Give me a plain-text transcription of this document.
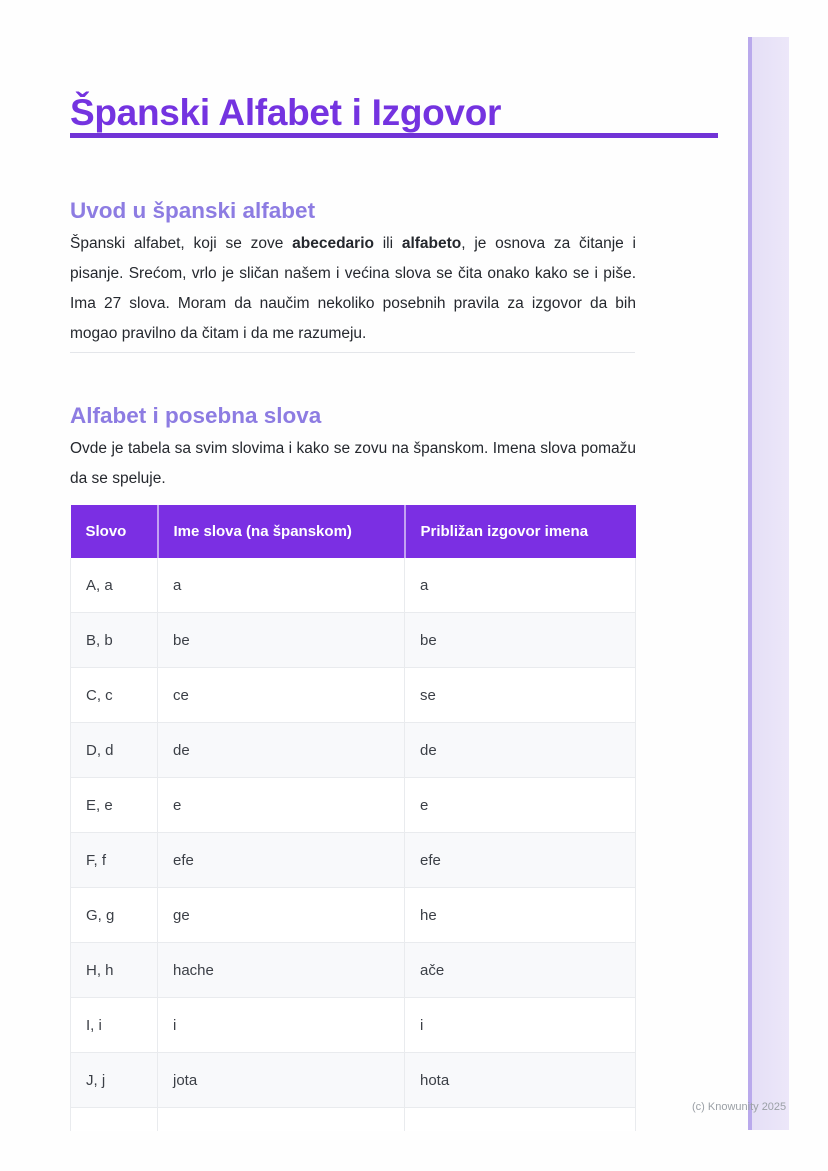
Španski Alfabet i Izgovor
Uvod u španski alfabet

Španski alfabet, koji se zove abecedario ili alfabeto, je osnova za čitanje i pisanje. Srećom, vrlo je sličan našem i većina slova se čita onako kako se i piše. Ima 27 slova. Moram da naučim nekoliko posebnih pravila za izgovor da bih mogao pravilno da čitam i da me razumeju.

Alfabet i posebna slova

Ovde je tabela sa svim slovima i kako se zovu na španskom. Imena slova pomažu da se speluje.

Slovo	Ime slova (na španskom)	Približan izgovor imena
A, a	a	a
B, b	be	be
C, c	ce	se
D, d	de	de
E, e	e	e
F, f	efe	efe
G, g	ge	he
H, h	hache	ače
I, i	i	i
J, j	jota	hota

(c) Knowunity 2025
